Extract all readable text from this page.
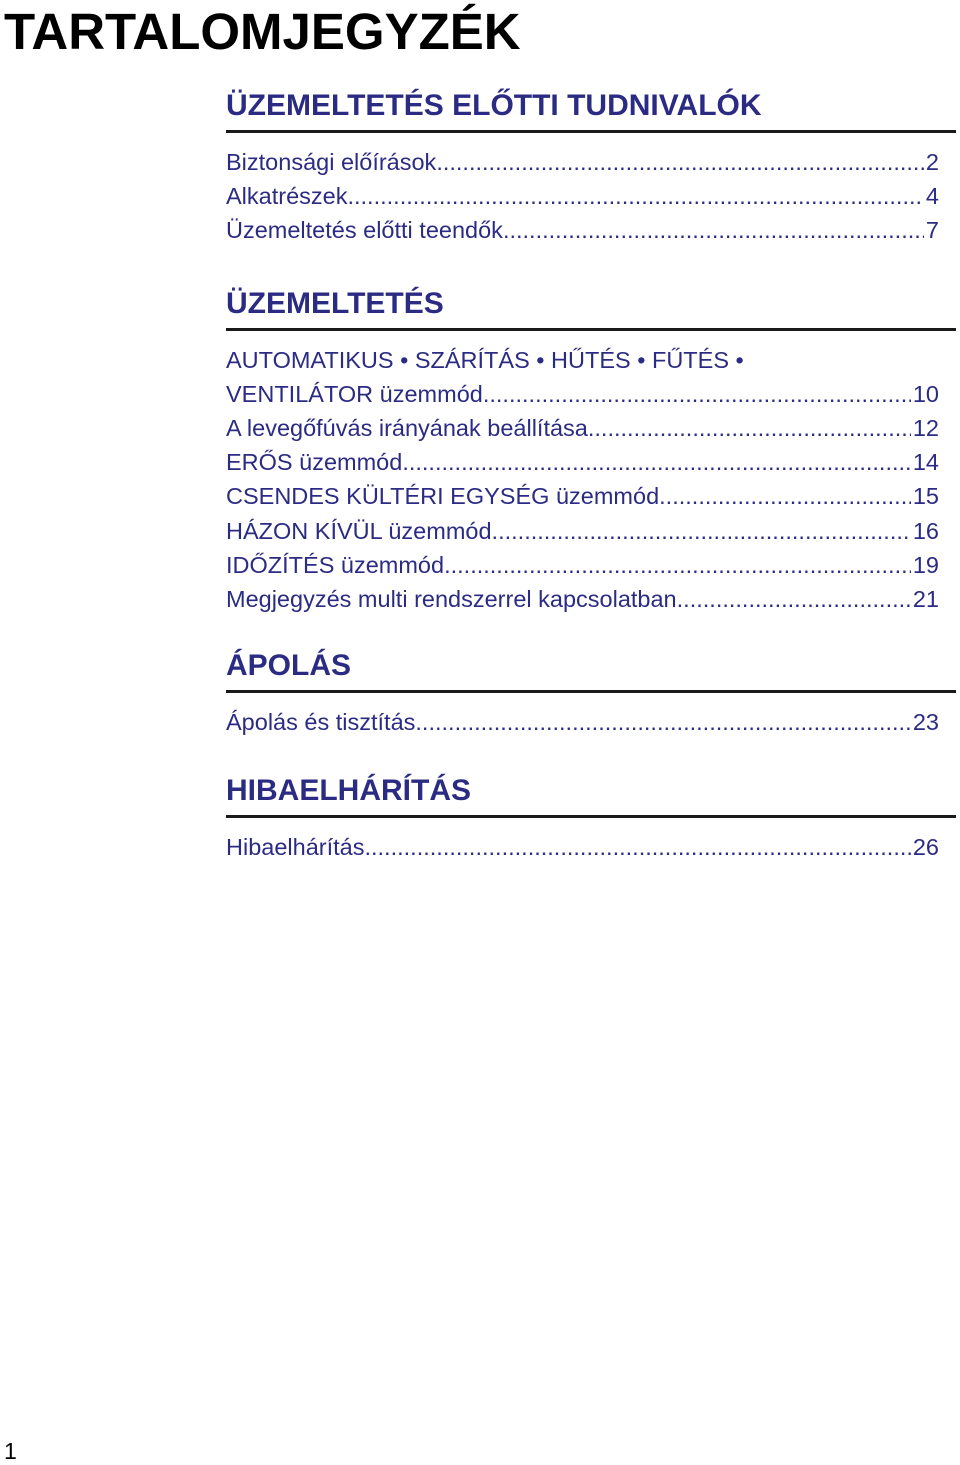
TARTALOMJEGYZÉK
ÜZEMELTETÉS ELŐTTI TUDNIVALÓK
Biztonsági előírások .....	2
Alkatrészek .....	4
Üzemeltetés előtti teendők .....	7
ÜZEMELTETÉS
AUTOMATIKUS • SZÁRÍTÁS • HŰTÉS • FŰTÉS •
VENTILÁTOR üzemmód .....	10
A levegőfúvás irányának beállítása .....	12
ERŐS üzemmód .....	14
CSENDES KÜLTÉRI EGYSÉG üzemmód .....	15
HÁZON KÍVÜL üzemmód .....	16
IDŐZÍTÉS üzemmód .....	19
Megjegyzés multi rendszerrel kapcsolatban .....	21
ÁPOLÁS
Ápolás és tisztítás .....	23
HIBAELHÁRÍTÁS
Hibaelhárítás .....	26
1
